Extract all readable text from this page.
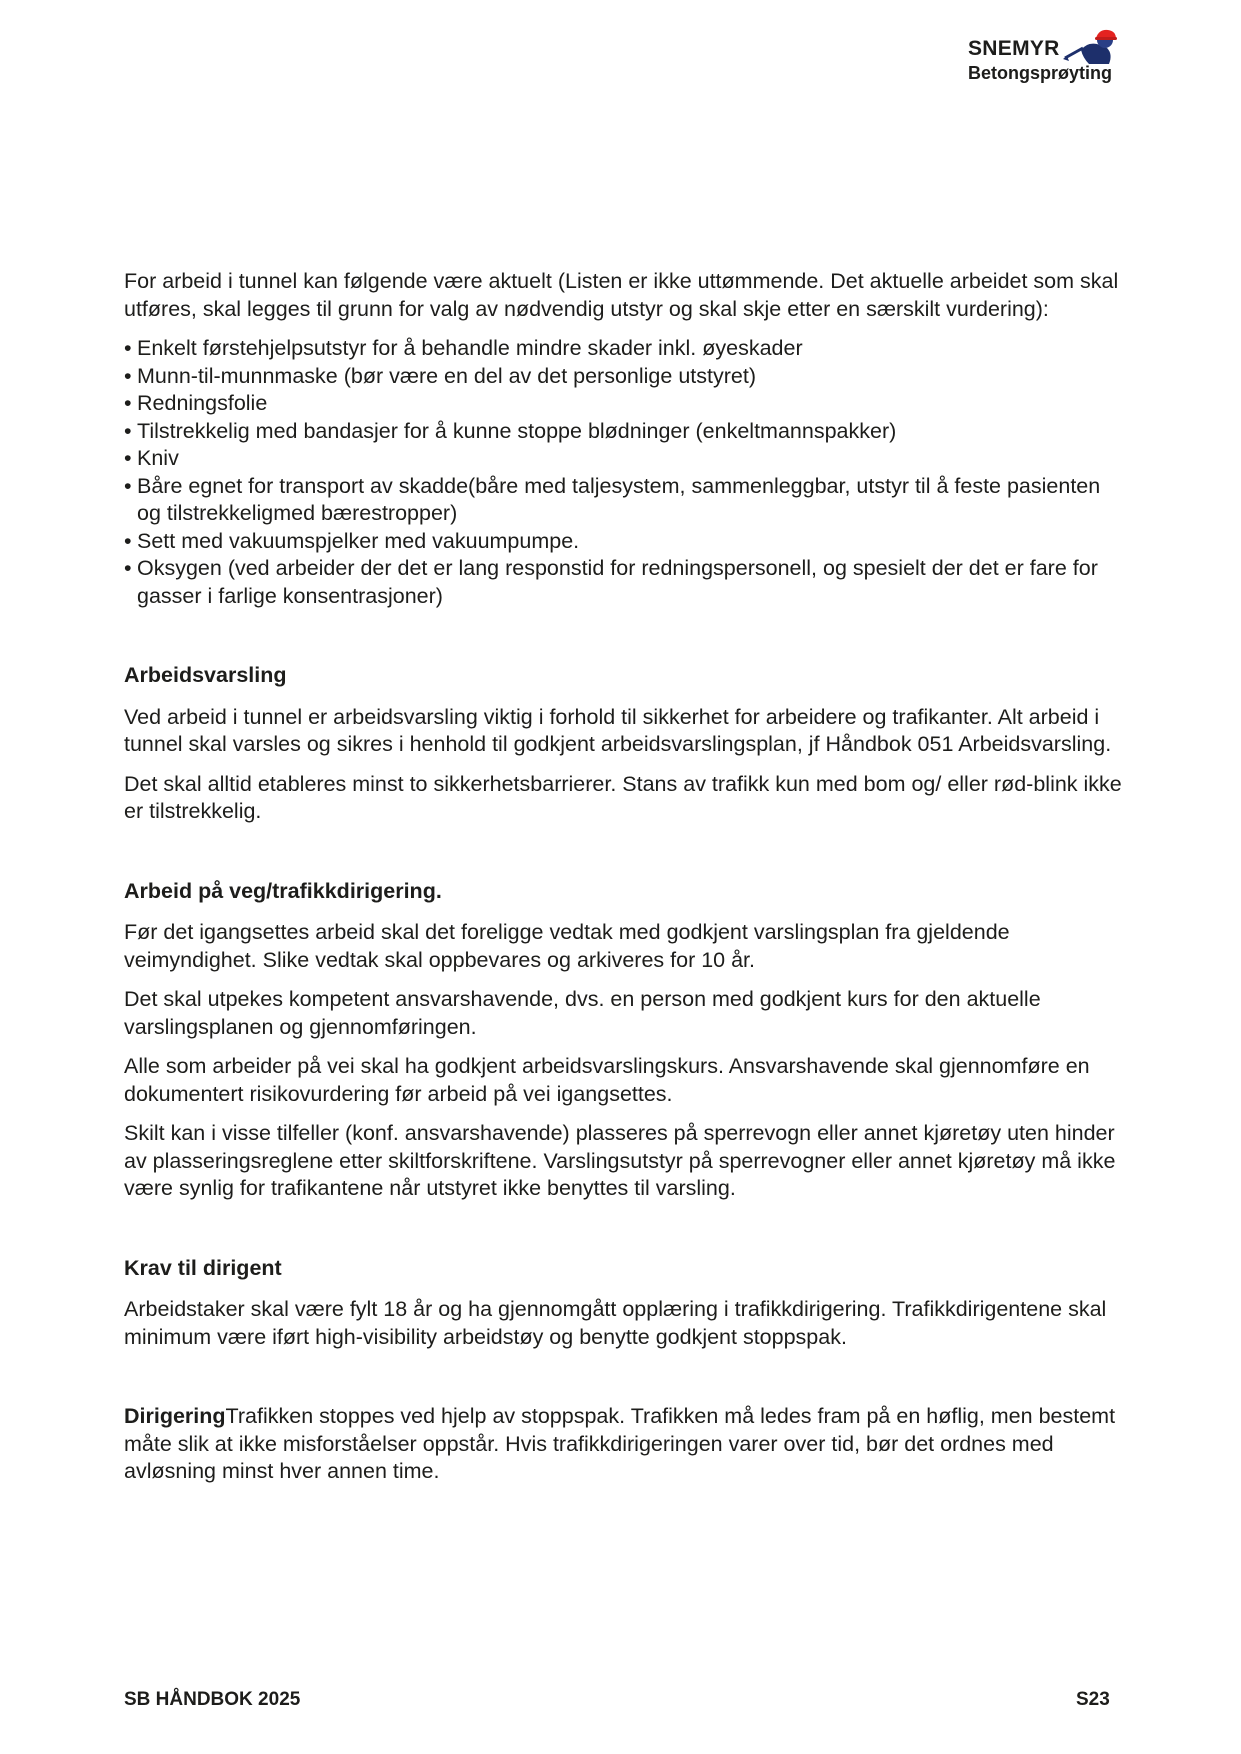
SNEMYR
Betongsprøyting

For arbeid i tunnel kan følgende være aktuelt (Listen er ikke uttømmende. Det aktuelle arbeidet som skal utføres, skal legges til grunn for valg av nødvendig utstyr og skal skje etter en særskilt vurdering):

• Enkelt førstehjelpsutstyr for å behandle mindre skader inkl. øyeskader
• Munn-til-munnmaske (bør være en del av det personlige utstyret)
• Redningsfolie
• Tilstrekkelig med bandasjer for å kunne stoppe blødninger (enkeltmannspakker)
• Kniv
• Båre egnet for transport av skadde(båre med taljesystem, sammenleggbar, utstyr til å feste pasienten og tilstrekkeligmed bærestropper)
• Sett med vakuumspjelker med vakuumpumpe.
• Oksygen (ved arbeider der det er lang responstid for redningspersonell, og spesielt der det er fare for gasser i farlige konsentrasjoner)
Arbeidsvarsling

Ved arbeid i tunnel er arbeidsvarsling viktig i forhold til sikkerhet for arbeidere og trafikanter. Alt arbeid i tunnel skal varsles og sikres i henhold til godkjent arbeidsvarslingsplan, jf Håndbok 051 Arbeidsvarsling.

Det skal alltid etableres minst to sikkerhetsbarrierer. Stans av trafikk kun med bom og/ eller rød-blink ikke er tilstrekkelig.

Arbeid på veg/trafikkdirigering.

Før det igangsettes arbeid skal det foreligge vedtak med godkjent varslingsplan fra gjeldende veimyndighet. Slike vedtak skal oppbevares og arkiveres for 10 år.

Det skal utpekes kompetent ansvarshavende, dvs. en person med godkjent kurs for den aktuelle varslingsplanen og gjennomføringen.

Alle som arbeider på vei skal ha godkjent arbeidsvarslingskurs. Ansvarshavende skal gjennomføre en dokumentert risikovurdering før arbeid på vei igangsettes.

Skilt kan i visse tilfeller (konf. ansvarshavende) plasseres på sperrevogn eller annet kjøretøy uten hinder av plasseringsreglene etter skiltforskriftene. Varslingsutstyr på sperrevogner eller annet kjøretøy må ikke være synlig for trafikantene når utstyret ikke benyttes til varsling.

Krav til dirigent

Arbeidstaker skal være fylt 18 år og ha gjennomgått opplæring i trafikkdirigering. Trafikkdirigentene skal minimum være iført high-visibility arbeidstøy og benytte godkjent stoppspak.

DirigeringTrafikken stoppes ved hjelp av stoppspak. Trafikken må ledes fram på en høflig, men bestemt måte slik at ikke misforståelser oppstår. Hvis trafikkdirigeringen varer over tid, bør det ordnes med avløsning minst hver annen time.

SB HÅNDBOK 2025	S23
